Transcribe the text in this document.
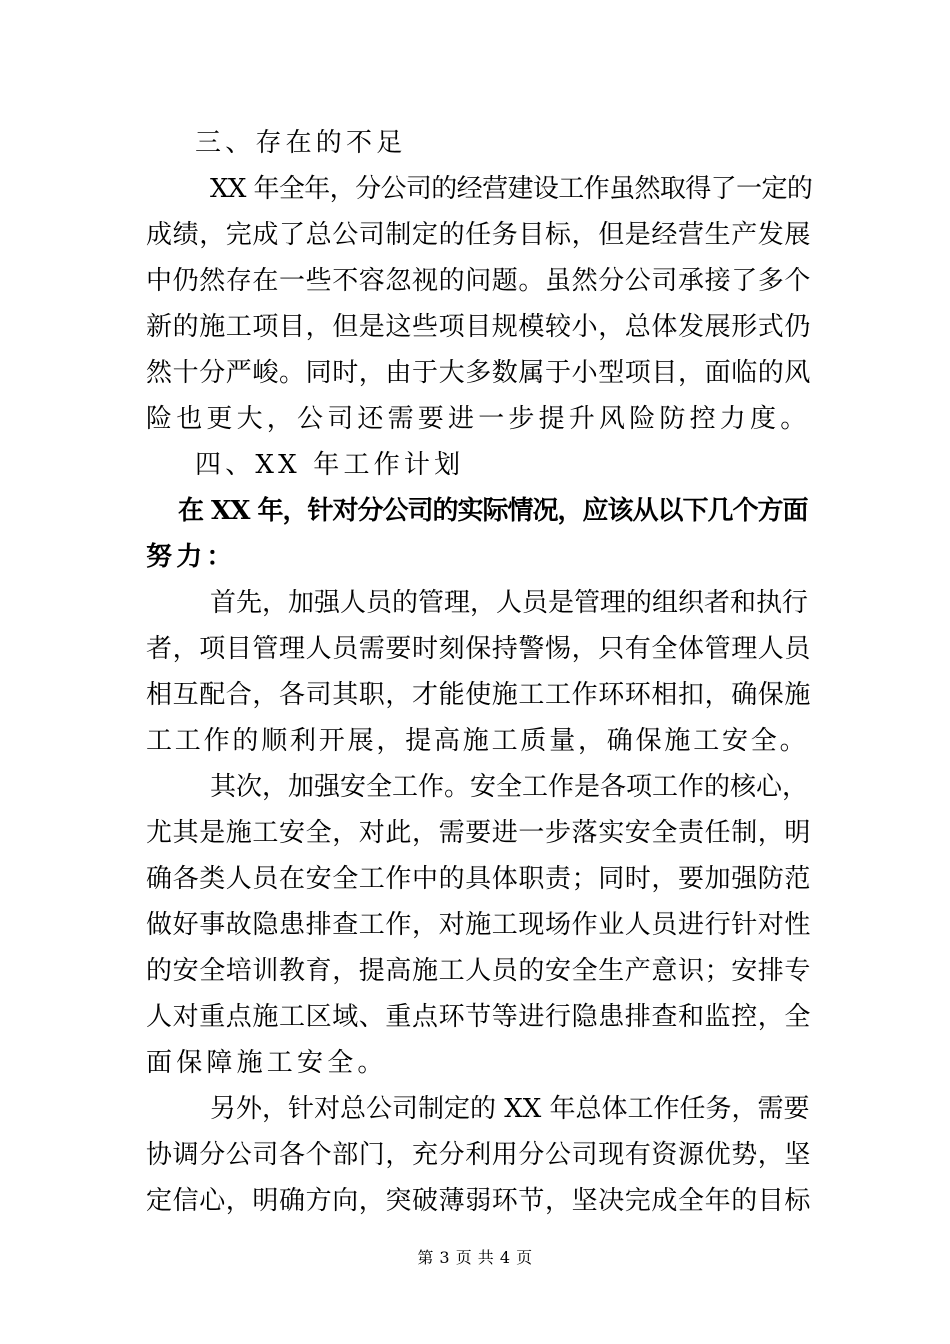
三、存在的不足
XX 年全年，分公司的经营建设工作虽然取得了一定的
成绩，完成了总公司制定的任务目标，但是经营生产发展
中仍然存在一些不容忽视的问题。虽然分公司承接了多个
新的施工项目，但是这些项目规模较小，总体发展形式仍
然十分严峻。同时，由于大多数属于小型项目，面临的风
险也更大，公司还需要进一步提升风险防控力度。
四、XX 年工作计划
在 XX 年，针对分公司的实际情况，应该从以下几个方面
努力：
首先，加强人员的管理，人员是管理的组织者和执行
者，项目管理人员需要时刻保持警惕，只有全体管理人员
相互配合，各司其职，才能使施工工作环环相扣，确保施
工工作的顺利开展，提高施工质量，确保施工安全。
其次，加强安全工作。安全工作是各项工作的核心，
尤其是施工安全，对此，需要进一步落实安全责任制，明
确各类人员在安全工作中的具体职责；同时，要加强防范
做好事故隐患排查工作，对施工现场作业人员进行针对性
的安全培训教育，提高施工人员的安全生产意识；安排专
人对重点施工区域、重点环节等进行隐患排查和监控，全
面保障施工安全。
另外，针对总公司制定的 XX 年总体工作任务，需要
协调分公司各个部门，充分利用分公司现有资源优势，坚
定信心，明确方向，突破薄弱环节，坚决完成全年的目标
第 3 页 共 4 页
